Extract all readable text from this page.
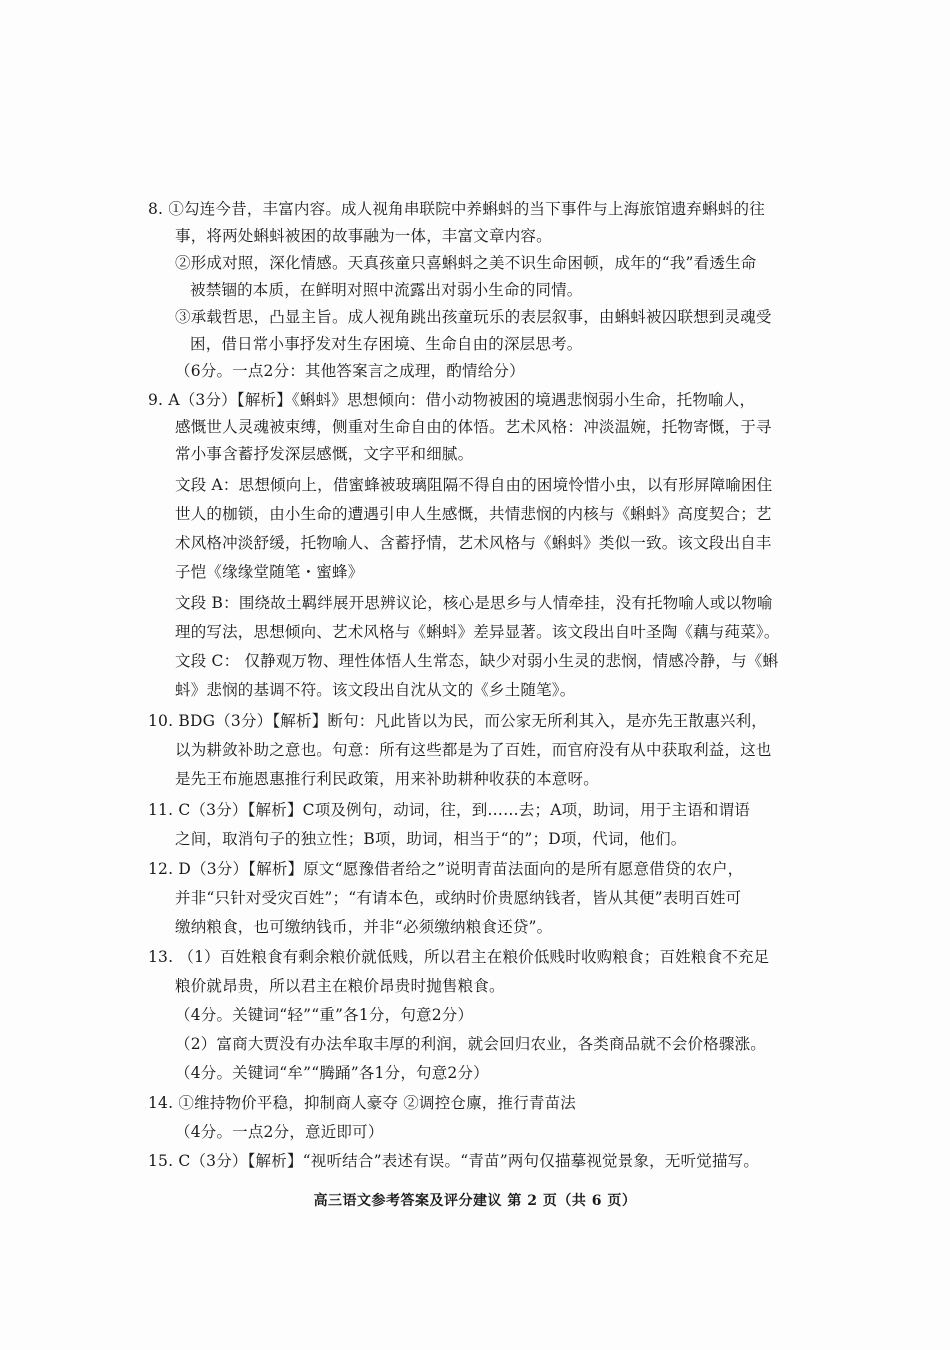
8. ①勾连今昔，丰富内容。成人视角串联院中养蝌蚪的当下事件与上海旅馆遗弃蝌蚪的往
事，将两处蝌蚪被困的故事融为一体，丰富文章内容。
②形成对照，深化情感。天真孩童只喜蝌蚪之美不识生命困顿，成年的“我”看透生命
被禁锢的本质，在鲜明对照中流露出对弱小生命的同情。
③承载哲思，凸显主旨。成人视角跳出孩童玩乐的表层叙事，由蝌蚪被囚联想到灵魂受
困，借日常小事抒发对生存困境、生命自由的深层思考。
（6分。一点2分：其他答案言之成理，酌情给分）
9. A（3分）【解析】《蝌蚪》思想倾向：借小动物被困的境遇悲悯弱小生命，托物喻人，
感慨世人灵魂被束缚，侧重对生命自由的体悟。艺术风格：冲淡温婉，托物寄慨，于寻
常小事含蓄抒发深层感慨，文字平和细腻。
文段 A：思想倾向上，借蜜蜂被玻璃阻隔不得自由的困境怜惜小虫，以有形屏障喻困住
世人的枷锁，由小生命的遭遇引申人生感慨，共情悲悯的内核与《蝌蚪》高度契合；艺
术风格冲淡舒缓，托物喻人、含蓄抒情，艺术风格与《蝌蚪》类似一致。该文段出自丰
子恺《缘缘堂随笔・蜜蜂》
文段 B：围绕故土羁绊展开思辨议论，核心是思乡与人情牵挂，没有托物喻人或以物喻
理的写法，思想倾向、艺术风格与《蝌蚪》差异显著。该文段出自叶圣陶《藕与莼菜》。
文段 C： 仅静观万物、理性体悟人生常态，缺少对弱小生灵的悲悯，情感冷静，与《蝌
蚪》悲悯的基调不符。该文段出自沈从文的《乡土随笔》。
10. BDG（3分）【解析】断句：凡此皆以为民，而公家无所利其入，是亦先王散惠兴利，
以为耕敛补助之意也。句意：所有这些都是为了百姓，而官府没有从中获取利益，这也
是先王布施恩惠推行利民政策，用来补助耕种收获的本意呀。
11. C（3分）【解析】C项及例句，动词，往，到……去；A项，助词，用于主语和谓语
之间，取消句子的独立性；B项，助词，相当于“的”；D项，代词，他们。
12. D（3分）【解析】原文“愿豫借者给之”说明青苗法面向的是所有愿意借贷的农户，
并非“只针对受灾百姓”；“有请本色，或纳时价贵愿纳钱者，皆从其便”表明百姓可
缴纳粮食，也可缴纳钱币，并非“必须缴纳粮食还贷”。
13. （1）百姓粮食有剩余粮价就低贱，所以君主在粮价低贱时收购粮食；百姓粮食不充足
粮价就昂贵，所以君主在粮价昂贵时抛售粮食。
（4分。关键词“轻”“重”各1分，句意2分）
（2）富商大贾没有办法牟取丰厚的利润，就会回归农业，各类商品就不会价格骤涨。
（4分。关键词“牟”“腾踊”各1分，句意2分）
14. ①维持物价平稳，抑制商人豪夺 ②调控仓廪，推行青苗法
（4分。一点2分，意近即可）
15. C（3分）【解析】“视听结合”表述有误。“青苗”两句仅描摹视觉景象，无听觉描写。
高三语文参考答案及评分建议 第 2 页（共 6 页）
